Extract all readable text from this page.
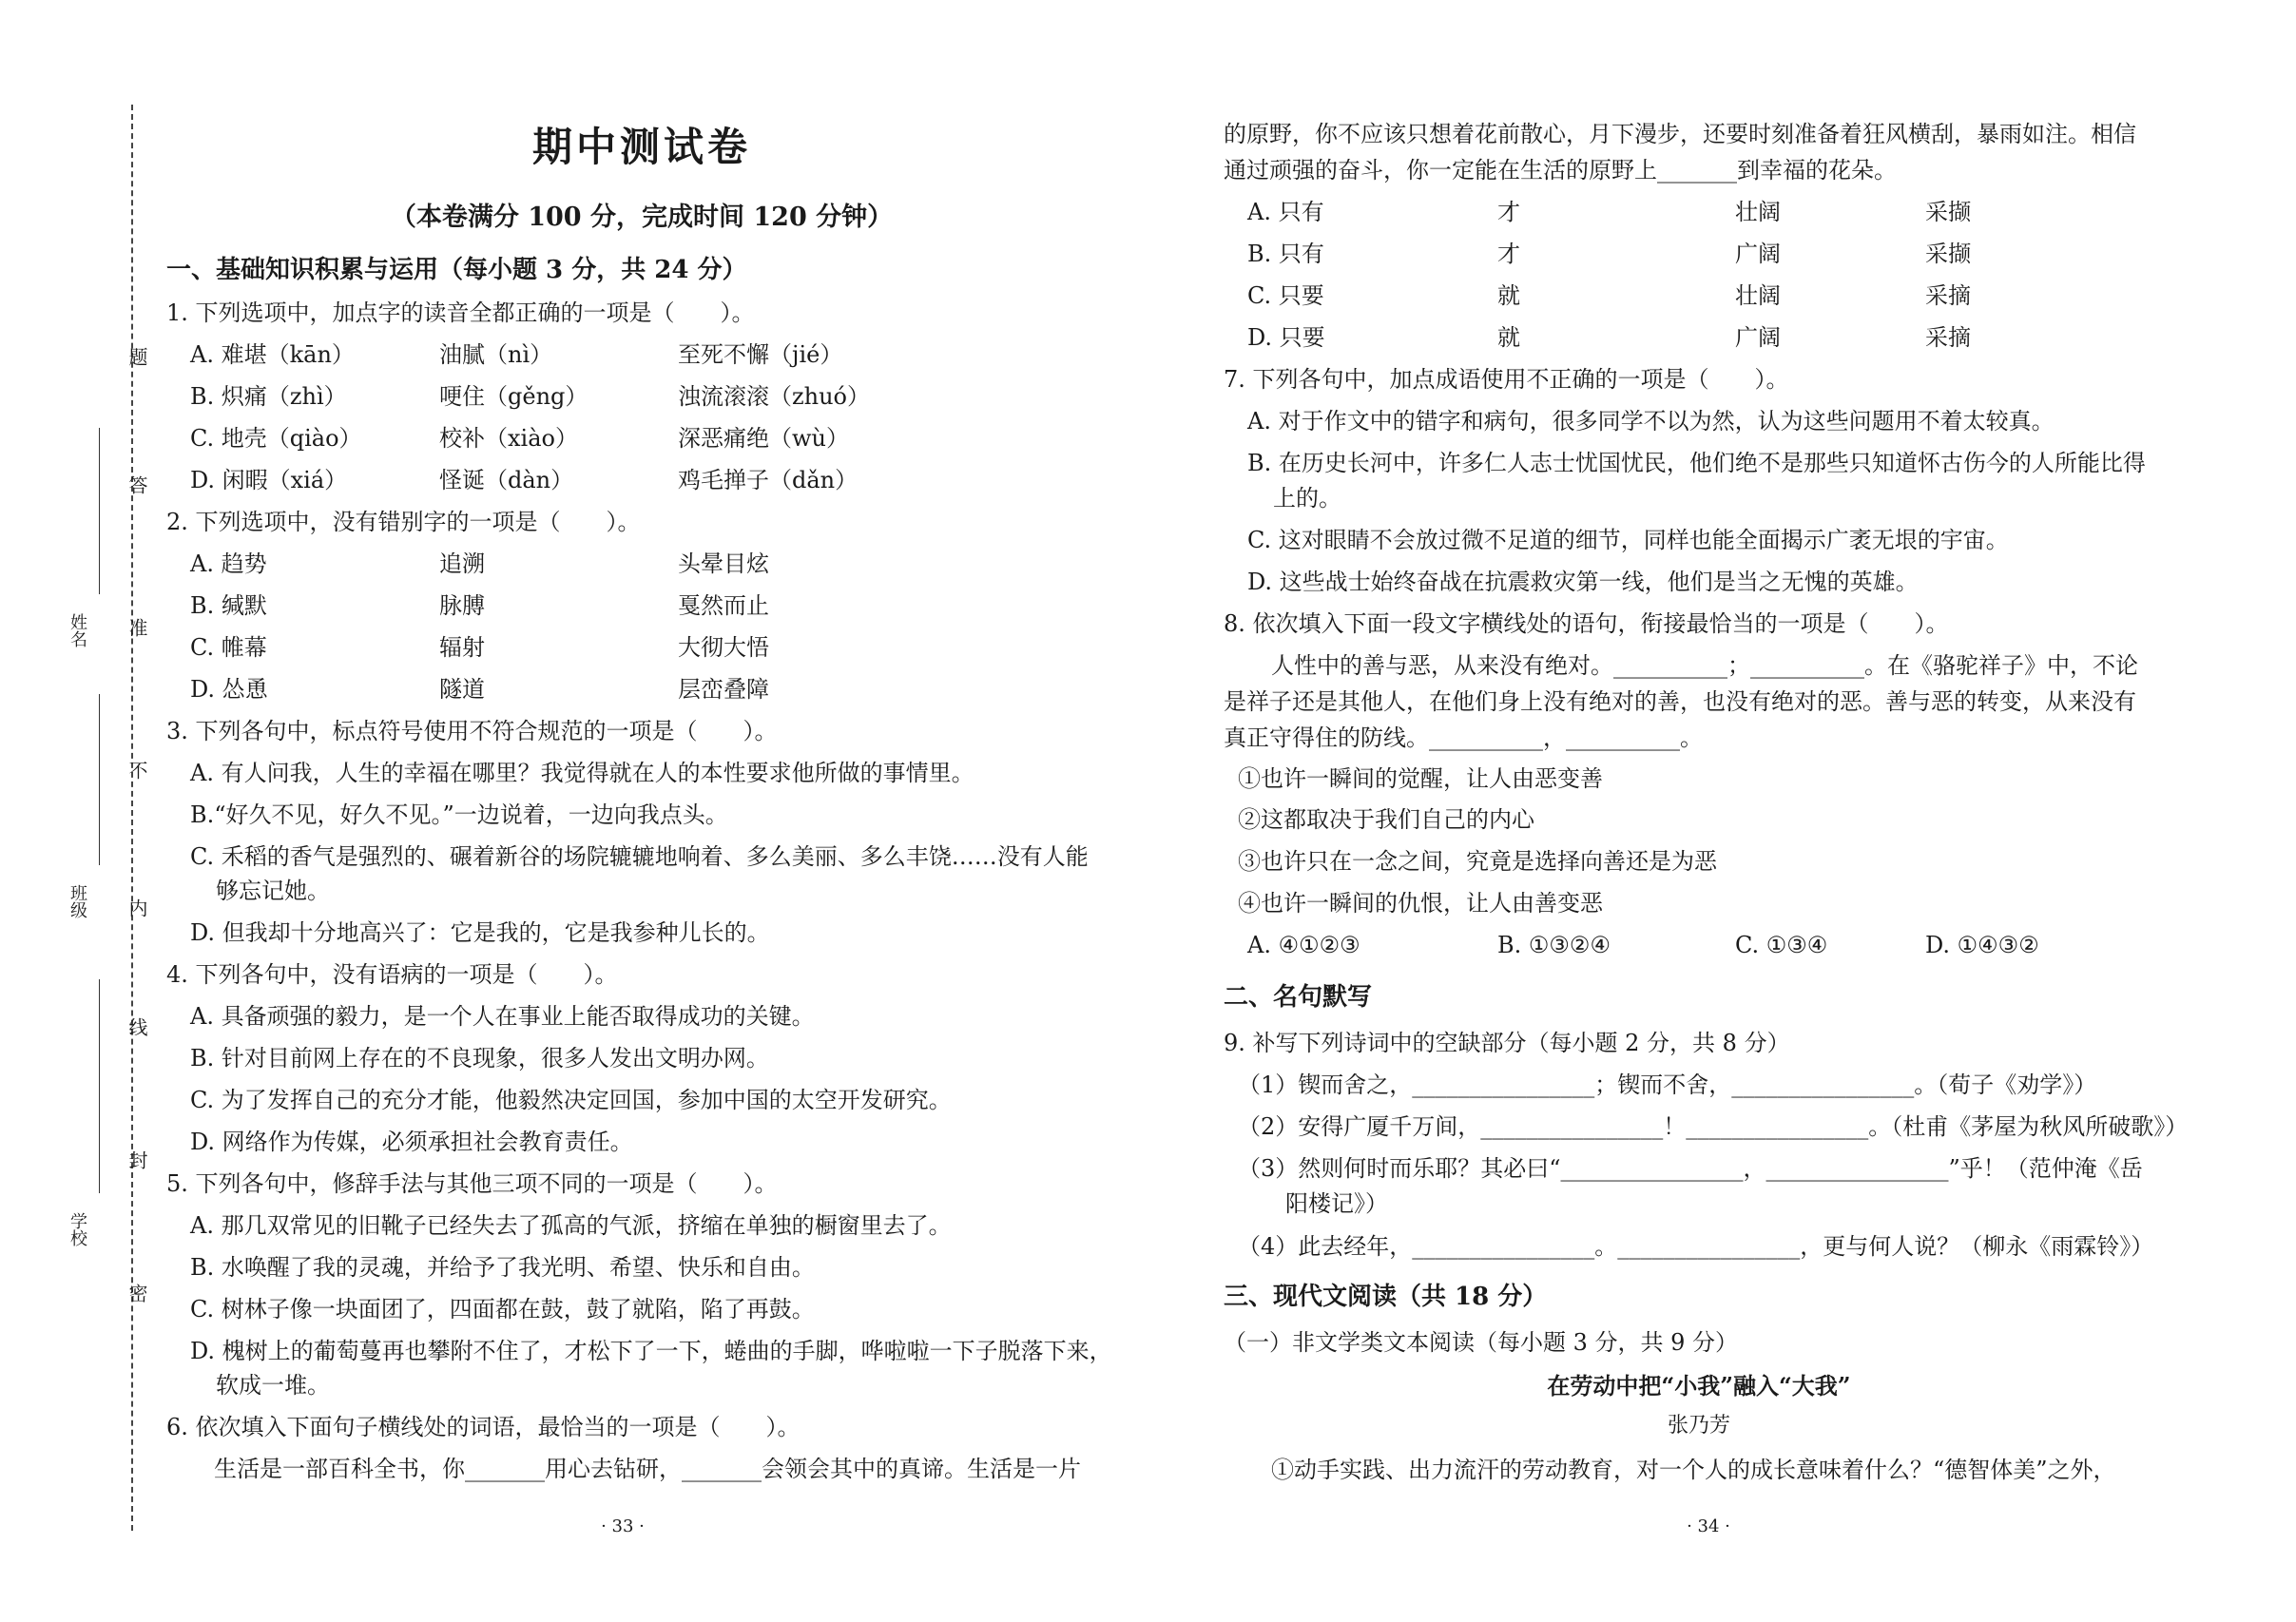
题
答
准
不
内
线
封
密
姓名
班级
学校
期中测试卷
（本卷满分 100 分，完成时间 120 分钟）
一、基础知识积累与运用（每小题 3 分，共 24 分）
1. 下列选项中，加点字的读音全都正确的一项是（　　）。
A. 难堪（kān）	油腻（nì）	至死不懈（jié）
B. 炽痛（zhì）	哽住（gěng）	浊流滚滚（zhuó）
C. 地壳（qiào）	校补（xiào）	深恶痛绝（wù）
D. 闲暇（xiá）	怪诞（dàn）	鸡毛掸子（dǎn）
2. 下列选项中，没有错别字的一项是（　　）。
A. 趋势	追溯	头晕目炫
B. 缄默	脉膊	戛然而止
C. 帷幕	辐射	大彻大悟
D. 怂恿	隧道	层峦叠障
3. 下列各句中，标点符号使用不符合规范的一项是（　　）。
A. 有人问我，人生的幸福在哪里？我觉得就在人的本性要求他所做的事情里。
B.“好久不见，好久不见。”一边说着，一边向我点头。
C. 禾稻的香气是强烈的、碾着新谷的场院辘辘地响着、多么美丽、多么丰饶……没有人能
够忘记她。
D. 但我却十分地高兴了：它是我的，它是我参种儿长的。
4. 下列各句中，没有语病的一项是（　　）。
A. 具备顽强的毅力，是一个人在事业上能否取得成功的关键。
B. 针对目前网上存在的不良现象，很多人发出文明办网。
C. 为了发挥自己的充分才能，他毅然决定回国，参加中国的太空开发研究。
D. 网络作为传媒，必须承担社会教育责任。
5. 下列各句中，修辞手法与其他三项不同的一项是（　　）。
A. 那几双常见的旧靴子已经失去了孤高的气派，挤缩在单独的橱窗里去了。
B. 水唤醒了我的灵魂，并给予了我光明、希望、快乐和自由。
C. 树林子像一块面团了，四面都在鼓，鼓了就陷，陷了再鼓。
D. 槐树上的葡萄蔓再也攀附不住了，才松下了一下，蜷曲的手脚，哗啦啦一下子脱落下来，
软成一堆。
6. 依次填入下面句子横线处的词语，最恰当的一项是（　　）。
生活是一部百科全书，你_______用心去钻研，_______会领会其中的真谛。生活是一片
· 33 ·
的原野，你不应该只想着花前散心，月下漫步，还要时刻准备着狂风横刮，暴雨如注。相信
通过顽强的奋斗，你一定能在生活的原野上_______到幸福的花朵。
A. 只有	才	壮阔	采撷
B. 只有	才	广阔	采撷
C. 只要	就	壮阔	采摘
D. 只要	就	广阔	采摘
7. 下列各句中，加点成语使用不正确的一项是（　　）。
A. 对于作文中的错字和病句，很多同学不以为然，认为这些问题用不着太较真。
B. 在历史长河中，许多仁人志士忧国忧民，他们绝不是那些只知道怀古伤今的人所能比得
上的。
C. 这对眼睛不会放过微不足道的细节，同样也能全面揭示广袤无垠的宇宙。
D. 这些战士始终奋战在抗震救灾第一线，他们是当之无愧的英雄。
8. 依次填入下面一段文字横线处的语句，衔接最恰当的一项是（　　）。
人性中的善与恶，从来没有绝对。__________；__________。在《骆驼祥子》中，不论
是祥子还是其他人，在他们身上没有绝对的善，也没有绝对的恶。善与恶的转变，从来没有
真正守得住的防线。__________，__________。
①也许一瞬间的觉醒，让人由恶变善
②这都取决于我们自己的内心
③也许只在一念之间，究竟是选择向善还是为恶
④也许一瞬间的仇恨，让人由善变恶
A. ④①②③	B. ①③②④	C. ①③④	D. ①④③②
二、名句默写
9. 补写下列诗词中的空缺部分（每小题 2 分，共 8 分）
（1）锲而舍之，________________；锲而不舍，________________。（荀子《劝学》）
（2）安得广厦千万间，________________！________________。（杜甫《茅屋为秋风所破歌》）
（3）然则何时而乐耶？其必曰“________________，________________”乎！（范仲淹《岳
阳楼记》）
（4）此去经年，________________。________________，更与何人说？（柳永《雨霖铃》）
三、现代文阅读（共 18 分）
（一）非文学类文本阅读（每小题 3 分，共 9 分）
在劳动中把“小我”融入“大我”
张乃芳
①动手实践、出力流汗的劳动教育，对一个人的成长意味着什么？“德智体美”之外，
· 34 ·
